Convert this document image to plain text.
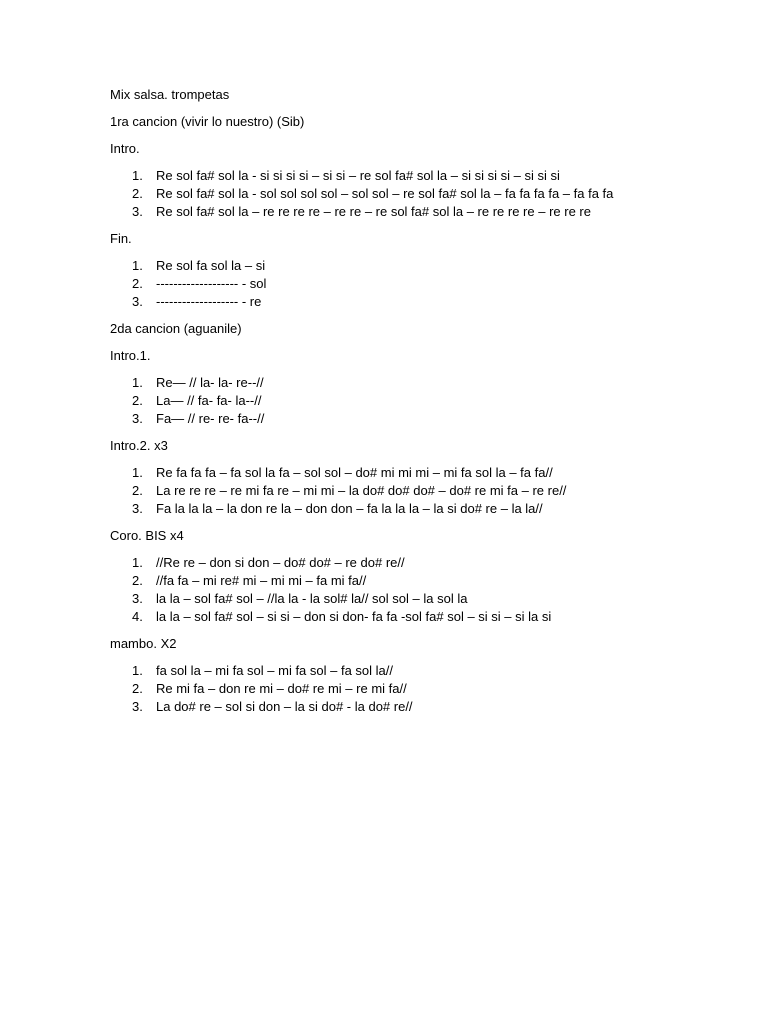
Mix salsa. trompetas
1ra cancion (vivir lo nuestro) (Sib)
Intro.
1. Re sol fa# sol la - si si si si – si si – re sol fa# sol la – si si si si – si si si
2. Re sol fa# sol la - sol sol sol sol – sol sol – re sol fa# sol la – fa fa fa fa – fa fa fa
3. Re sol fa# sol la – re re re re – re re – re sol fa# sol la – re re re re – re re re
Fin.
1. Re sol fa sol la – si
2. ------------------- - sol
3. ------------------- - re
2da cancion (aguanile)
Intro.1.
1. Re— // la- la- re--//
2. La— // fa- fa- la--//
3. Fa— // re- re- fa--//
Intro.2. x3
1. Re fa fa fa – fa sol la fa – sol sol – do# mi mi mi – mi fa sol la – fa fa//
2. La re re re – re mi fa re – mi mi – la do# do# do# – do# re mi fa – re re//
3. Fa la la la – la don re la – don don – fa la la la – la si do# re – la la//
Coro. BIS x4
1. //Re re – don si don – do# do# – re do# re//
2. //fa fa – mi re# mi – mi mi – fa mi fa//
3. la la – sol fa# sol – //la la - la sol# la// sol sol – la sol la
4. la la – sol fa# sol – si si – don si don- fa fa -sol fa# sol – si si – si la si
mambo. X2
1. fa sol la – mi fa sol – mi fa sol – fa sol la//
2. Re mi fa – don re mi – do# re mi – re mi fa//
3. La do# re – sol si don – la si do# - la do# re//
